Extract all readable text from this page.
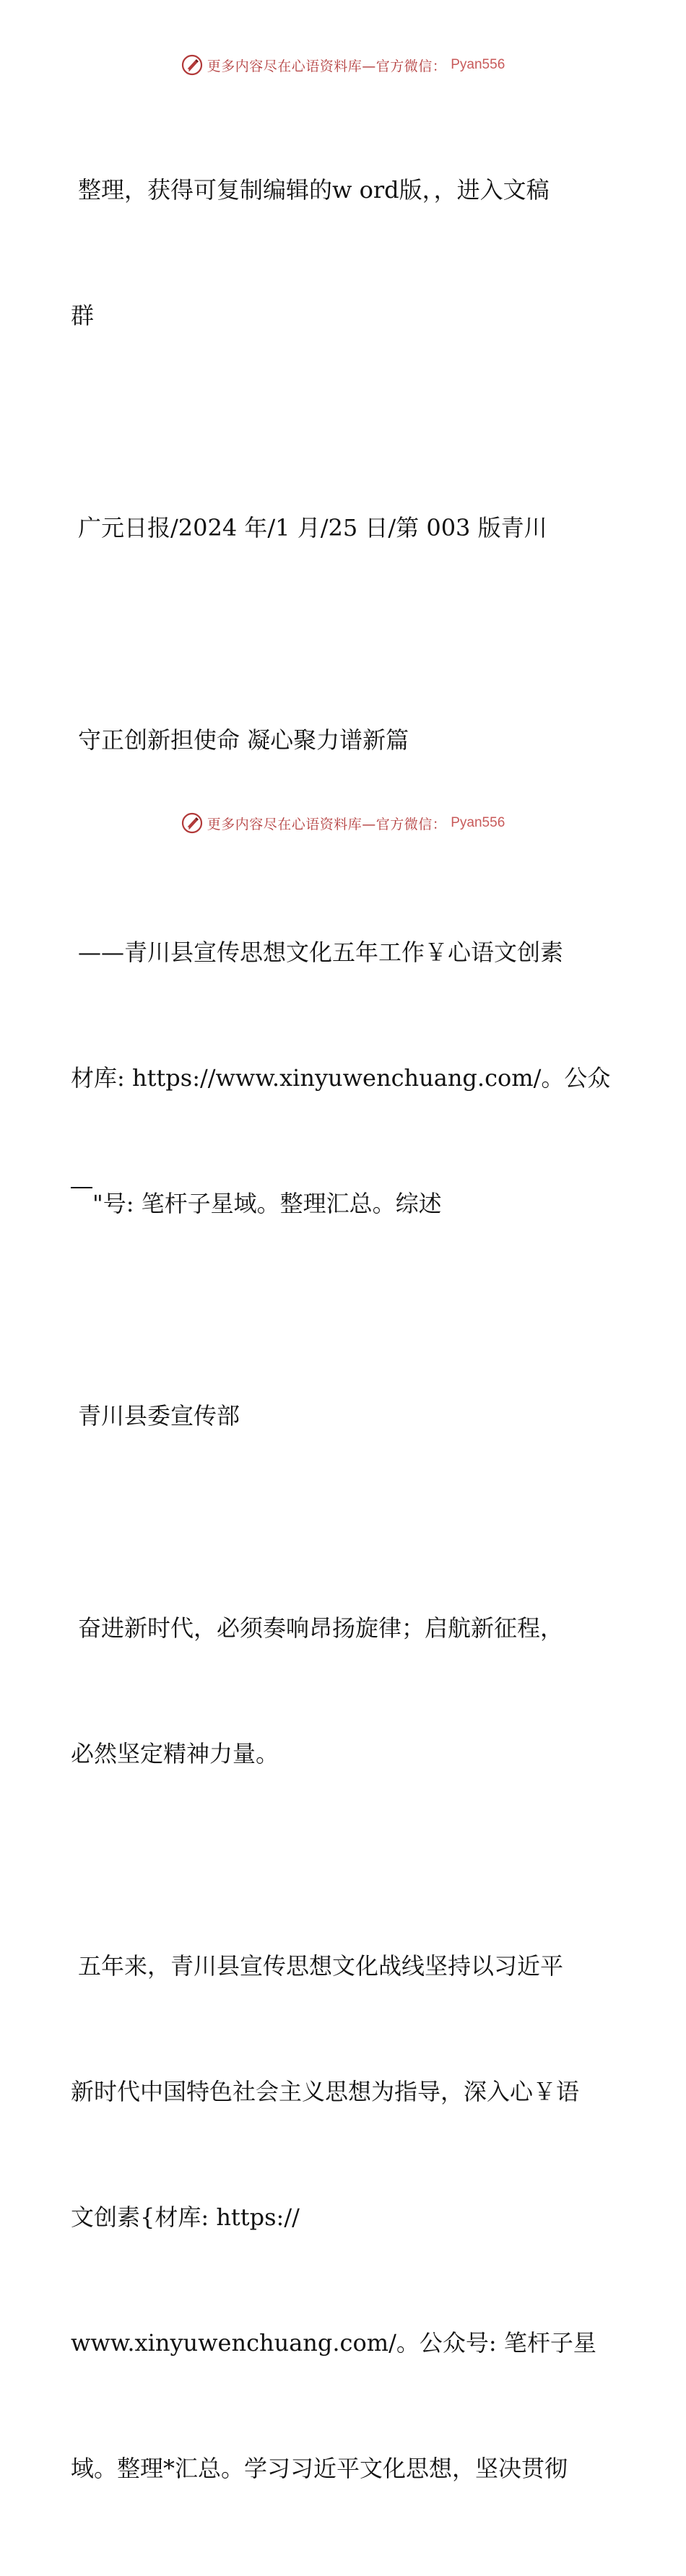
更多内容尽在心语资料库—官方微信： Pyan556

整理，获得可复制编辑的w ord版，，进入文稿

群

广元日报/2024 年/1 月/25 日/第 003 版青川

守正创新担使命 凝心聚力谱新篇

——青川县宣传思想文化五年工作￥心语文创素

材库: https://www.xinyuwenchuang.com/。公众

"号: 笔杆子星域。整理汇总。综述

青川县委宣传部

奋进新时代，必须奏响昂扬旋律；启航新征程，

必然坚定精神力量。

五年来，青川县宣传思想文化战线坚持以习近平

新时代中国特色社会主义思想为指导，深入心￥语

文创素{材库: https://

www.xinyuwenchuang.com/。公众号: 笔杆子星

域。整理*汇总。学习习近平文化思想，坚决贯彻

更多内容尽在心语资料库—官方微信： Pyan556
